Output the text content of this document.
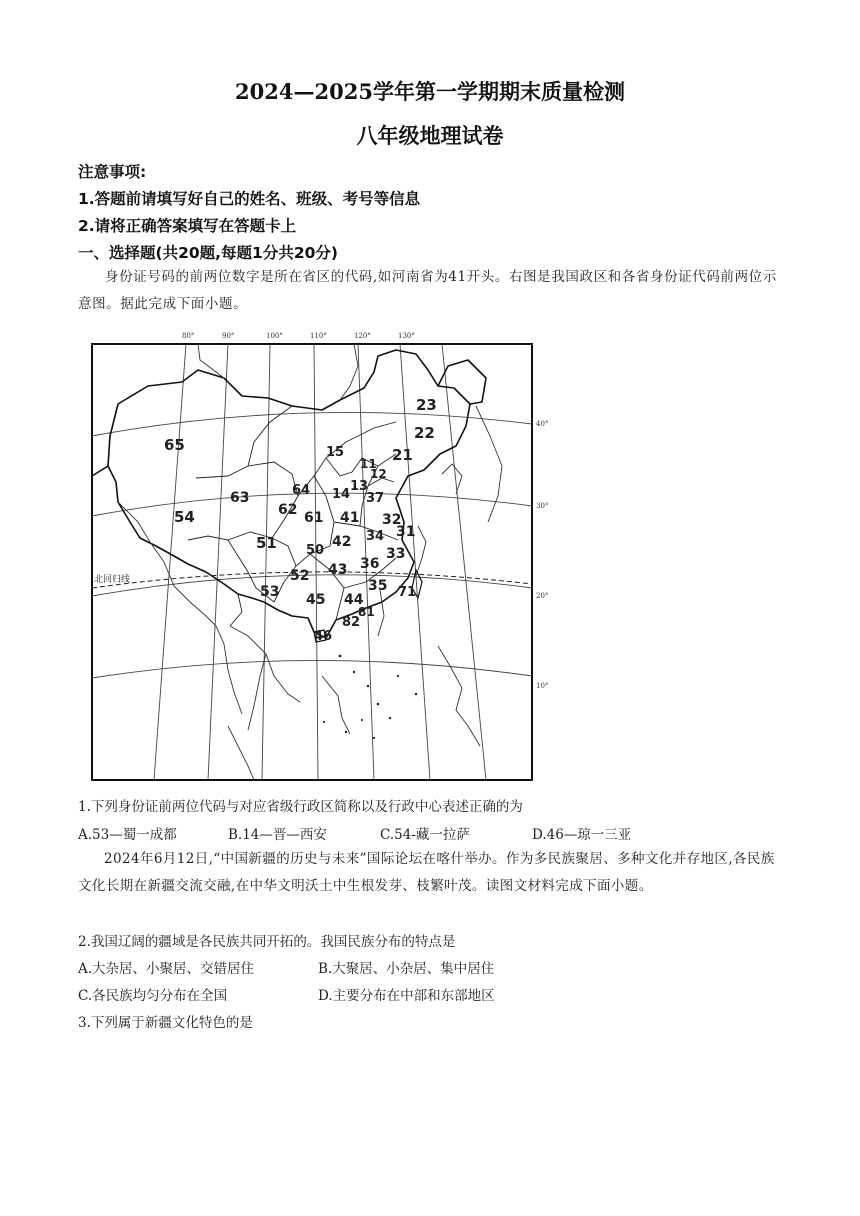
2024—2025学年第一学期期末质量检测
八年级地理试卷
注意事项:
1.答题前请填写好自己的姓名、班级、考号等信息
2.请将正确答案填写在答题卡上
一、选择题(共20题,每题1分共20分)
身份证号码的前两位数字是所在省区的代码,如河南省为41开头。右图是我国政区和各省身份证代码前两位示意图。据此完成下面小题。
80°	90°	100°	110°	120°	130°
40°
30°
20°
10°
北回归线
23
22
21
15
65
11
12
13
37
14
64
63
62 61 41 32
31
54
51	42 34
50	33
36
43
52
53 45
35 71
44
81
82
46
1.下列身份证前两位代码与对应省级行政区简称以及行政中心表述正确的为
A.53—蜀一成都	B.14—晋—西安	C.54-藏一拉萨	D.46—琼一三亚
2024年6月12日,“中国新疆的历史与未来”国际论坛在喀什举办。作为多民族聚居、多种文化并存地区,各民族文化长期在新疆交流交融,在中华文明沃土中生根发芽、枝繁叶茂。读图文材料完成下面小题。
2.我国辽阔的疆域是各民族共同开拓的。我国民族分布的特点是
A.大杂居、小聚居、交错居住	B.大聚居、小杂居、集中居住
C.各民族均匀分布在全国	D.主要分布在中部和东部地区
3.下列属于新疆文化特色的是
